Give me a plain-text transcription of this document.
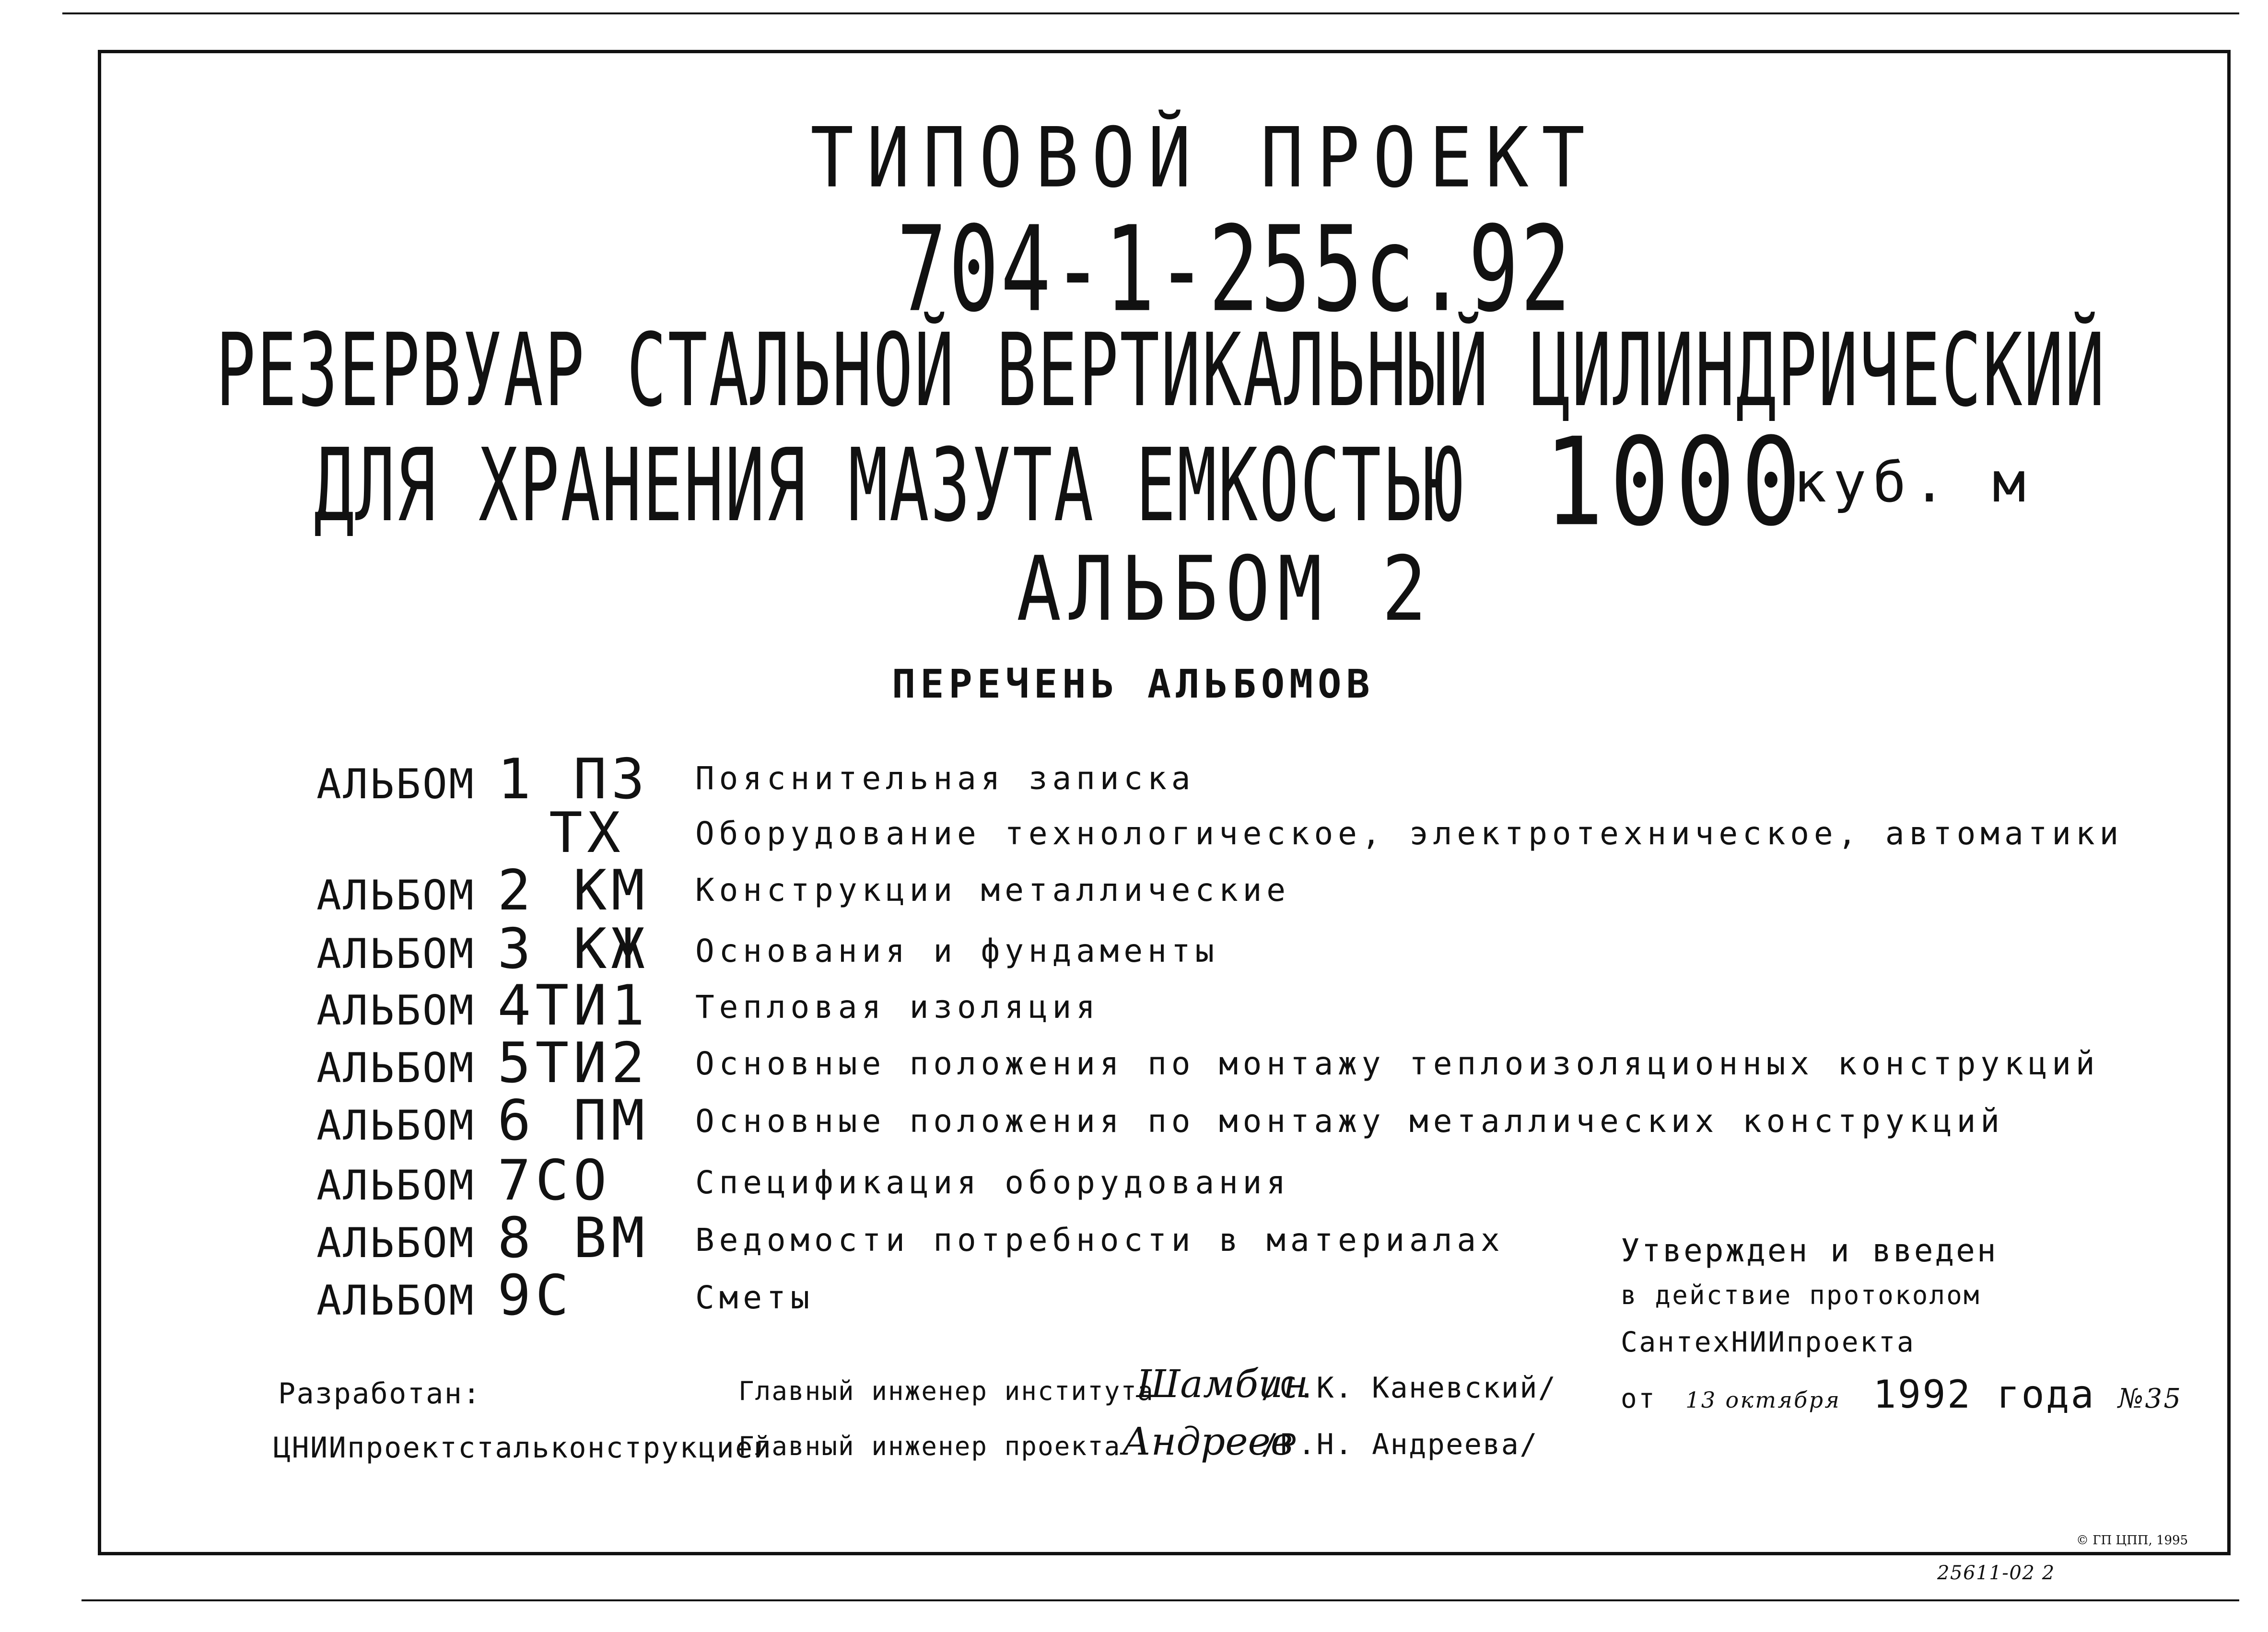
ТИПОВОЙ ПРОЕКТ
704-1-255с.92
РЕЗЕРВУАР СТАЛЬНОЙ ВЕРТИКАЛЬНЫЙ ЦИЛИНДРИЧЕСКИЙ
ДЛЯ ХРАНЕНИЯ МАЗУТА ЕМКОСТЬЮ 1000
куб. м
АЛЬБОМ 2
ПЕРЕЧЕНЬ АЛЬБОМОВ
АЛЬБОМ 1 ПЗ Пояснительная записка
ТХ Оборудование технологическое, электротехническое, автоматики
АЛЬБОМ 2 КМ Конструкции металлические
АЛЬБОМ 3 КЖ Основания и фундаменты
АЛЬБОМ 4ТИ1 Тепловая изоляция
АЛЬБОМ 5ТИ2 Основные положения по монтажу теплоизоляционных конструкций
АЛЬБОМ 6 ПМ Основные положения по монтажу металлических конструкций
АЛЬБОМ 7СО	Спецификация оборудования
АЛЬБОМ 8 ВМ Ведомости потребности в материалах
АЛЬБОМ 9С	Сметы
Утвержден и введен
в действие протоколом
СантехНИИпроекта
от 13 октября 1992 года №35
Разработан:
ЦНИИпроектстальконструкцией
Главный инженер института
Шамбин
/С.К. Каневский/
Главный инженер проекта Андреев
/Р.Н. Андреева/
© ГП ЦПП, 1995
25611-02 2
